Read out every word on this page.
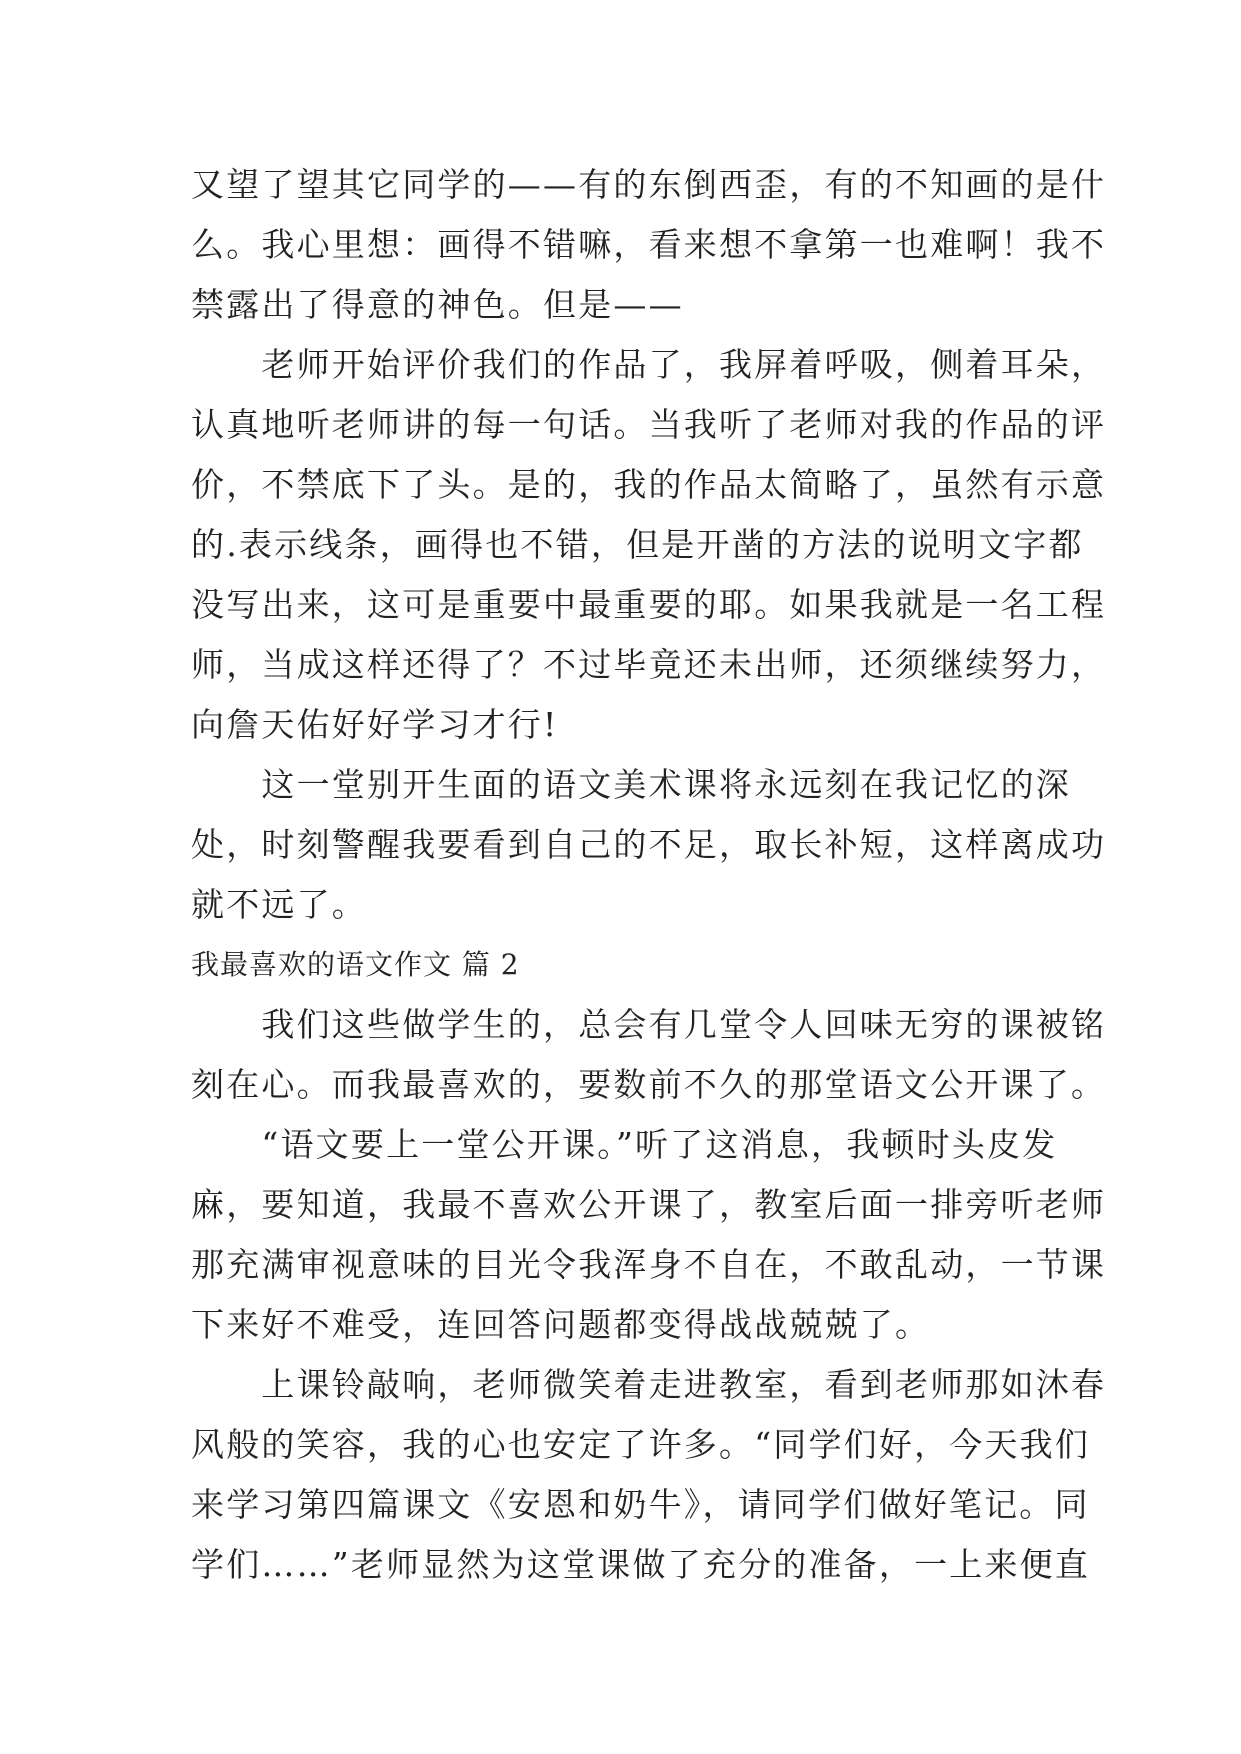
又望了望其它同学的——有的东倒西歪，有的不知画的是什
么。我心里想：画得不错嘛，看来想不拿第一也难啊！我不
禁露出了得意的神色。但是——
　　老师开始评价我们的作品了，我屏着呼吸，侧着耳朵，
认真地听老师讲的每一句话。当我听了老师对我的作品的评
价，不禁底下了头。是的，我的作品太简略了，虽然有示意
的.表示线条，画得也不错，但是开凿的方法的说明文字都
没写出来，这可是重要中最重要的耶。如果我就是一名工程
师，当成这样还得了？不过毕竟还未出师，还须继续努力，
向詹天佑好好学习才行!
　　这一堂别开生面的语文美术课将永远刻在我记忆的深
处，时刻警醒我要看到自己的不足，取长补短，这样离成功
就不远了。
我最喜欢的语文作文 篇 2
　　我们这些做学生的，总会有几堂令人回味无穷的课被铭
刻在心。而我最喜欢的，要数前不久的那堂语文公开课了。
　　“语文要上一堂公开课。”听了这消息，我顿时头皮发
麻，要知道，我最不喜欢公开课了，教室后面一排旁听老师
那充满审视意味的目光令我浑身不自在，不敢乱动，一节课
下来好不难受，连回答问题都变得战战兢兢了。
　　上课铃敲响，老师微笑着走进教室，看到老师那如沐春
风般的笑容，我的心也安定了许多。“同学们好，今天我们
来学习第四篇课文《安恩和奶牛》，请同学们做好笔记。同
学们……”老师显然为这堂课做了充分的准备，一上来便直
